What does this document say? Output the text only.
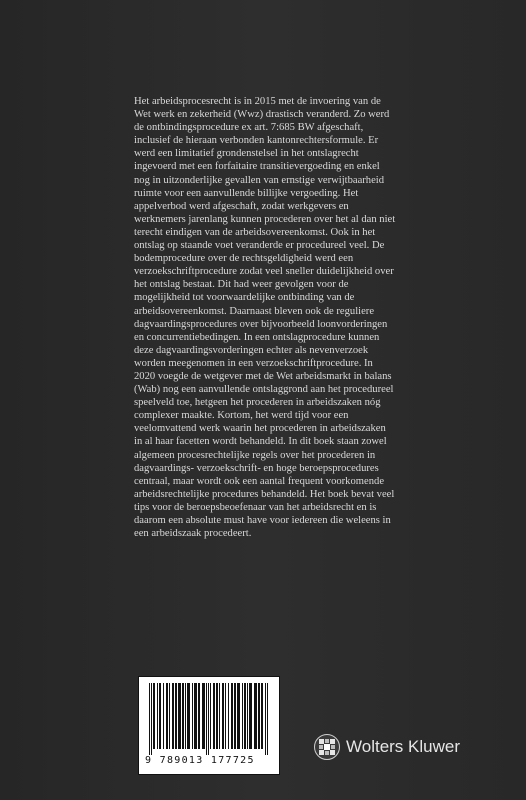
Het arbeidsprocesrecht is in 2015 met de invoering van de Wet werk en zekerheid (Wwz) drastisch veranderd. Zo werd de ontbindingsprocedure ex art. 7:685 BW afgeschaft, inclusief de hieraan verbonden kantonrechtersformule. Er werd een limitatief grondenstelsel in het ontslagrecht ingevoerd met een forfaitaire transitievergoeding en enkel nog in uitzonderlijke gevallen van ernstige verwijtbaarheid ruimte voor een aanvullende billijke vergoeding. Het appelverbod werd afgeschaft, zodat werkgevers en werknemers jarenlang kunnen procederen over het al dan niet terecht eindigen van de arbeidsovereenkomst. Ook in het ontslag op staande voet veranderde er procedureel veel. De bodemprocedure over de rechtsgeldigheid werd een verzoekschriftprocedure zodat veel sneller duidelijkheid over het ontslag bestaat. Dit had weer gevolgen voor de mogelijkheid tot voorwaardelijke ontbinding van de arbeidsovereenkomst. Daarnaast bleven ook de reguliere dagvaardingsprocedures over bijvoorbeeld loonvorderingen en concurrentiebedingen. In een ontslagprocedure kunnen deze dagvaardingsvorderingen echter als nevenverzoek worden meegenomen in een verzoekschriftprocedure. In 2020 voegde de wetgever met de Wet arbeidsmarkt in balans (Wab) nog een aanvullende ontslaggrond aan het procedureel speelveld toe, hetgeen het procederen in arbeidszaken nóg complexer maakte. Kortom, het werd tijd voor een veelomvattend werk waarin het procederen in arbeidszaken in al haar facetten wordt behandeld. In dit boek staan zowel algemeen procesrechtelijke regels over het procederen in dagvaardings- verzoekschrift- en hoge beroepsprocedures centraal, maar wordt ook een aantal frequent voorkomende arbeidsrechtelijke procedures behandeld. Het boek bevat veel tips voor de beroepsbeoefenaar van het arbeidsrecht en is daarom een absolute must have voor iedereen die weleens in een arbeidszaak procedeert.

9 789013 177725
Wolters Kluwer
